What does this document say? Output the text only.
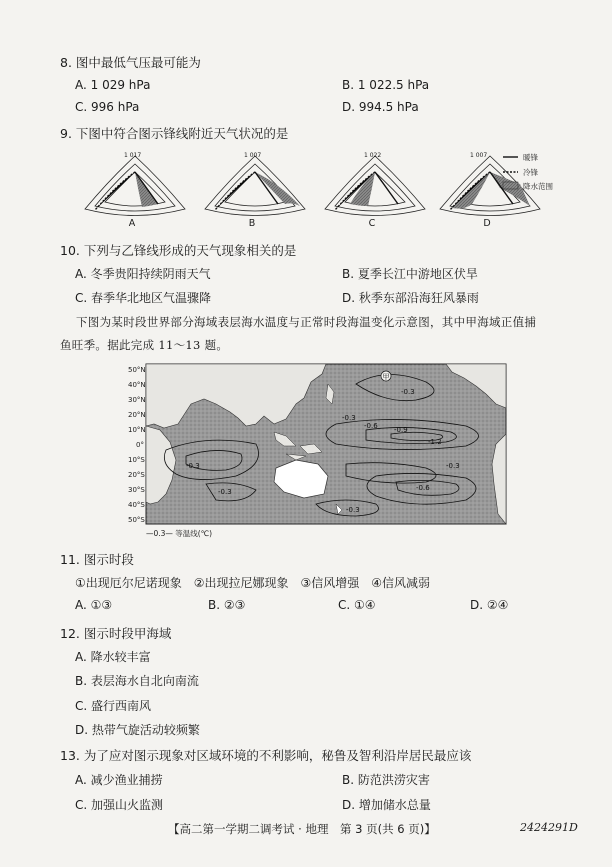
8. 图中最低气压最可能为
A. 1 029 hPa	B. 1 022.5 hPa
C. 996 hPa	D. 994.5 hPa
9. 下图中符合图示锋线附近天气状况的是
1 017	1 007	1 022	1 007	暖锋
冷锋
降水范围
A	B	C	D
10. 下列与乙锋线形成的天气现象相关的是
A. 冬季贵阳持续阴雨天气	B. 夏季长江中游地区伏旱
C. 春季华北地区气温骤降	D. 秋季东部沿海狂风暴雨
下图为某时段世界部分海域表层海水温度与正常时段海温变化示意图，其中甲海域正值捕
鱼旺季。据此完成 11～13 题。
甲
-0.3
-0.3
-0.6 -0.9
-1.2
-0.3
-0.6
-0.3
-0.3
-0.3
50°N
40°N
30°N
20°N
10°N
0°
10°S
20°S
30°S
40°S
50°S
—0.3— 等温线(℃)
11. 图示时段
①出现厄尔尼诺现象　②出现拉尼娜现象　③信风增强　④信风减弱
A. ①③	B. ②③	C. ①④	D. ②④
12. 图示时段甲海域
A. 降水较丰富
B. 表层海水自北向南流
C. 盛行西南风
D. 热带气旋活动较频繁
13. 为了应对图示现象对区域环境的不利影响，秘鲁及智利沿岸居民最应该
A. 减少渔业捕捞	B. 防范洪涝灾害
C. 加强山火监测	D. 增加储水总量
【高二第一学期二调考试 · 地理　第 3 页(共 6 页)】	2424291D
